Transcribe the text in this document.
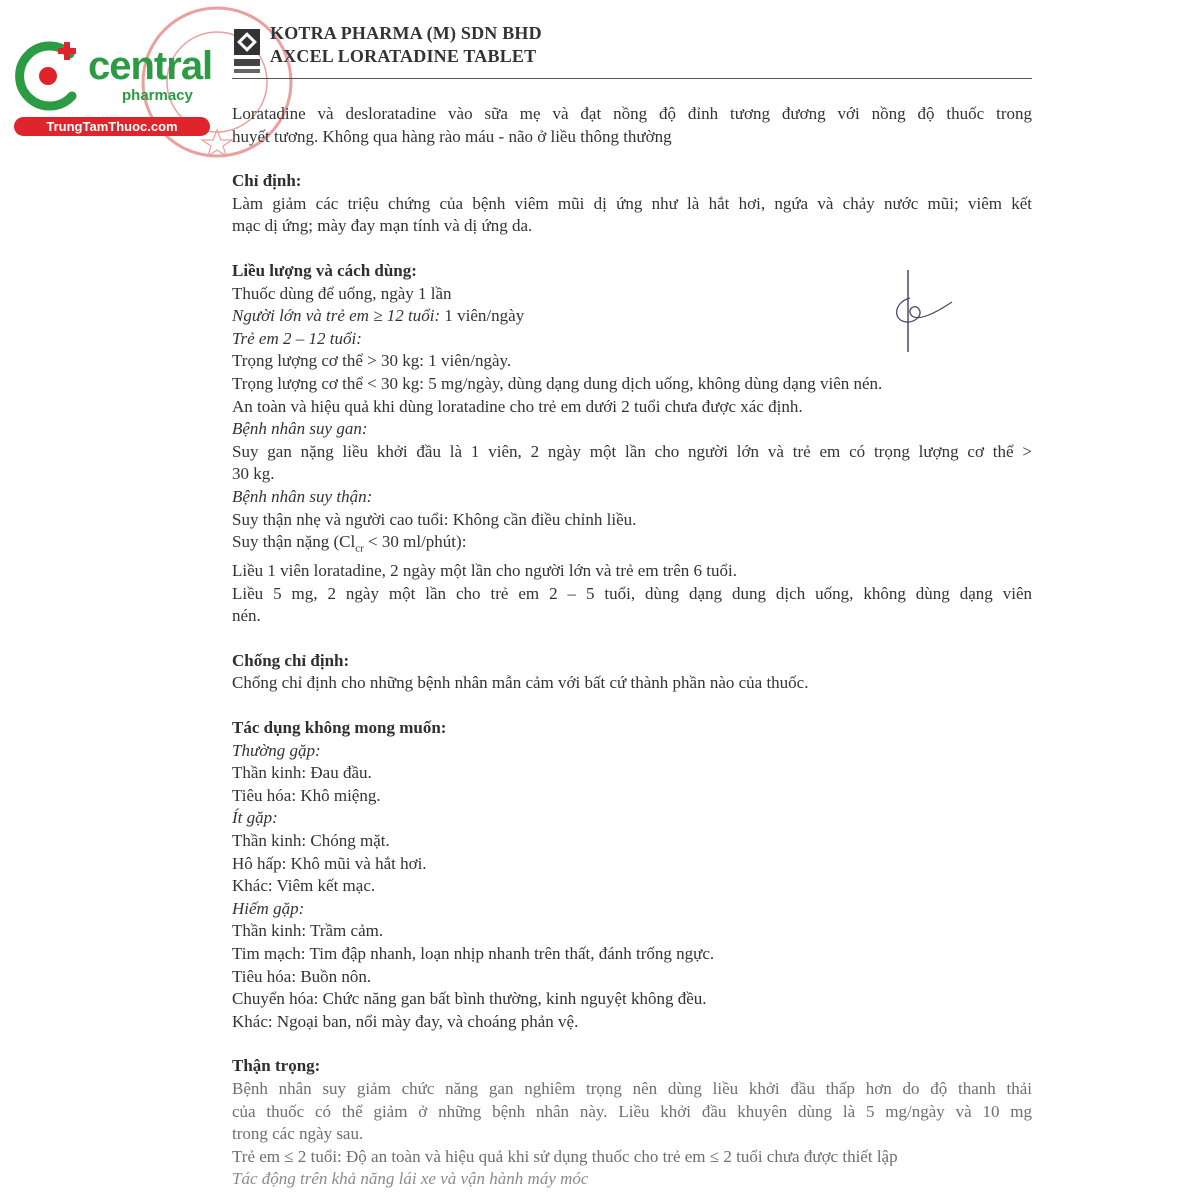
central
pharmacy
TrungTamThuoc.com
KOTRA PHARMA (M) SDN BHD
AXCEL LORATADINE TABLET

Loratadine và desloratadine vào sữa mẹ và đạt nồng độ đỉnh tương đương với nồng độ thuốc trong

huyết tương. Không qua hàng rào máu - não ở liều thông thường

Chỉ định:

Làm giảm các triệu chứng của bệnh viêm mũi dị ứng như là hắt hơi, ngứa và chảy nước mũi; viêm kết

mạc dị ứng; mày đay mạn tính và dị ứng da.

Liều lượng và cách dùng:

Thuốc dùng để uống, ngày 1 lần

Người lớn và trẻ em ≥ 12 tuổi: 1 viên/ngày

Trẻ em 2 – 12 tuổi:

Trọng lượng cơ thể > 30 kg: 1 viên/ngày.

Trọng lượng cơ thể < 30 kg: 5 mg/ngày, dùng dạng dung dịch uống, không dùng dạng viên nén.

An toàn và hiệu quả khi dùng loratadine cho trẻ em dưới 2 tuổi chưa được xác định.

Bệnh nhân suy gan:

Suy gan nặng liều khởi đầu là 1 viên, 2 ngày một lần cho người lớn và trẻ em có trọng lượng cơ thể >

30 kg.

Bệnh nhân suy thận:

Suy thận nhẹ và người cao tuổi: Không cần điều chỉnh liều.

Suy thận nặng ($Cl_{cr} < 30$ ml/phút):

Liều 1 viên loratadine, 2 ngày một lần cho người lớn và trẻ em trên 6 tuổi.

Liều 5 mg, 2 ngày một lần cho trẻ em 2 – 5 tuổi, dùng dạng dung dịch uống, không dùng dạng viên

nén.

Chống chỉ định:

Chống chỉ định cho những bệnh nhân mẫn cảm với bất cứ thành phần nào của thuốc.

Tác dụng không mong muốn:

Thường gặp:

Thần kinh: Đau đầu.

Tiêu hóa: Khô miệng.

Ít gặp:

Thần kinh: Chóng mặt.

Hô hấp: Khô mũi và hắt hơi.

Khác: Viêm kết mạc.

Hiếm gặp:

Thần kinh: Trầm cảm.

Tim mạch: Tim đập nhanh, loạn nhịp nhanh trên thất, đánh trống ngực.

Tiêu hóa: Buồn nôn.

Chuyển hóa: Chức năng gan bất bình thường, kinh nguyệt không đều.

Khác: Ngoại ban, nổi mày đay, và choáng phản vệ.

Thận trọng:

Bệnh nhân suy giảm chức năng gan nghiêm trọng nên dùng liều khởi đầu thấp hơn do độ thanh thải

của thuốc có thể giảm ở những bệnh nhân này. Liều khởi đầu khuyên dùng là 5 mg/ngày và 10 mg

trong các ngày sau.

Trẻ em ≤ 2 tuổi: Độ an toàn và hiệu quả khi sử dụng thuốc cho trẻ em ≤ 2 tuổi chưa được thiết lập

Tác động trên khả năng lái xe và vận hành máy móc
